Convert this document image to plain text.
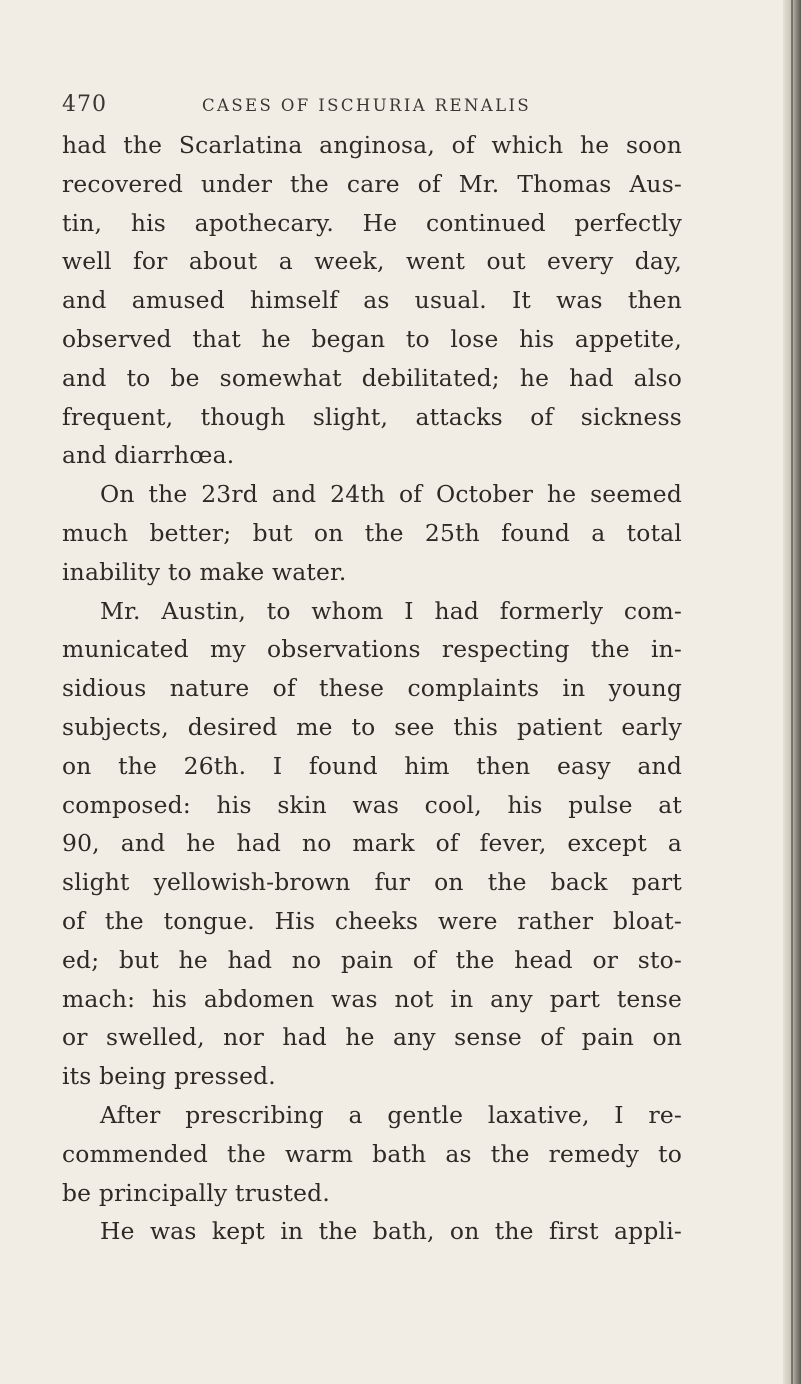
470	CASES OF ISCHURIA RENALIS
had the Scarlatina anginosa, of which he soon
recovered under the care of Mr. Thomas Aus-
tin, his apothecary. He continued perfectly
well for about a week, went out every day,
and amused himself as usual. It was then
observed that he began to lose his appetite,
and to be somewhat debilitated; he had also
frequent, though slight, attacks of sickness
and diarrhœa.
On the 23rd and 24th of October he seemed
much better; but on the 25th found a total
inability to make water.
Mr. Austin, to whom I had formerly com-
municated my observations respecting the in-
sidious nature of these complaints in young
subjects, desired me to see this patient early
on the 26th. I found him then easy and
composed: his skin was cool, his pulse at
90, and he had no mark of fever, except a
slight yellowish-brown fur on the back part
of the tongue. His cheeks were rather bloat-
ed; but he had no pain of the head or sto-
mach: his abdomen was not in any part tense
or swelled, nor had he any sense of pain on
its being pressed.
After prescribing a gentle laxative, I re-
commended the warm bath as the remedy to
be principally trusted.
He was kept in the bath, on the first appli-
